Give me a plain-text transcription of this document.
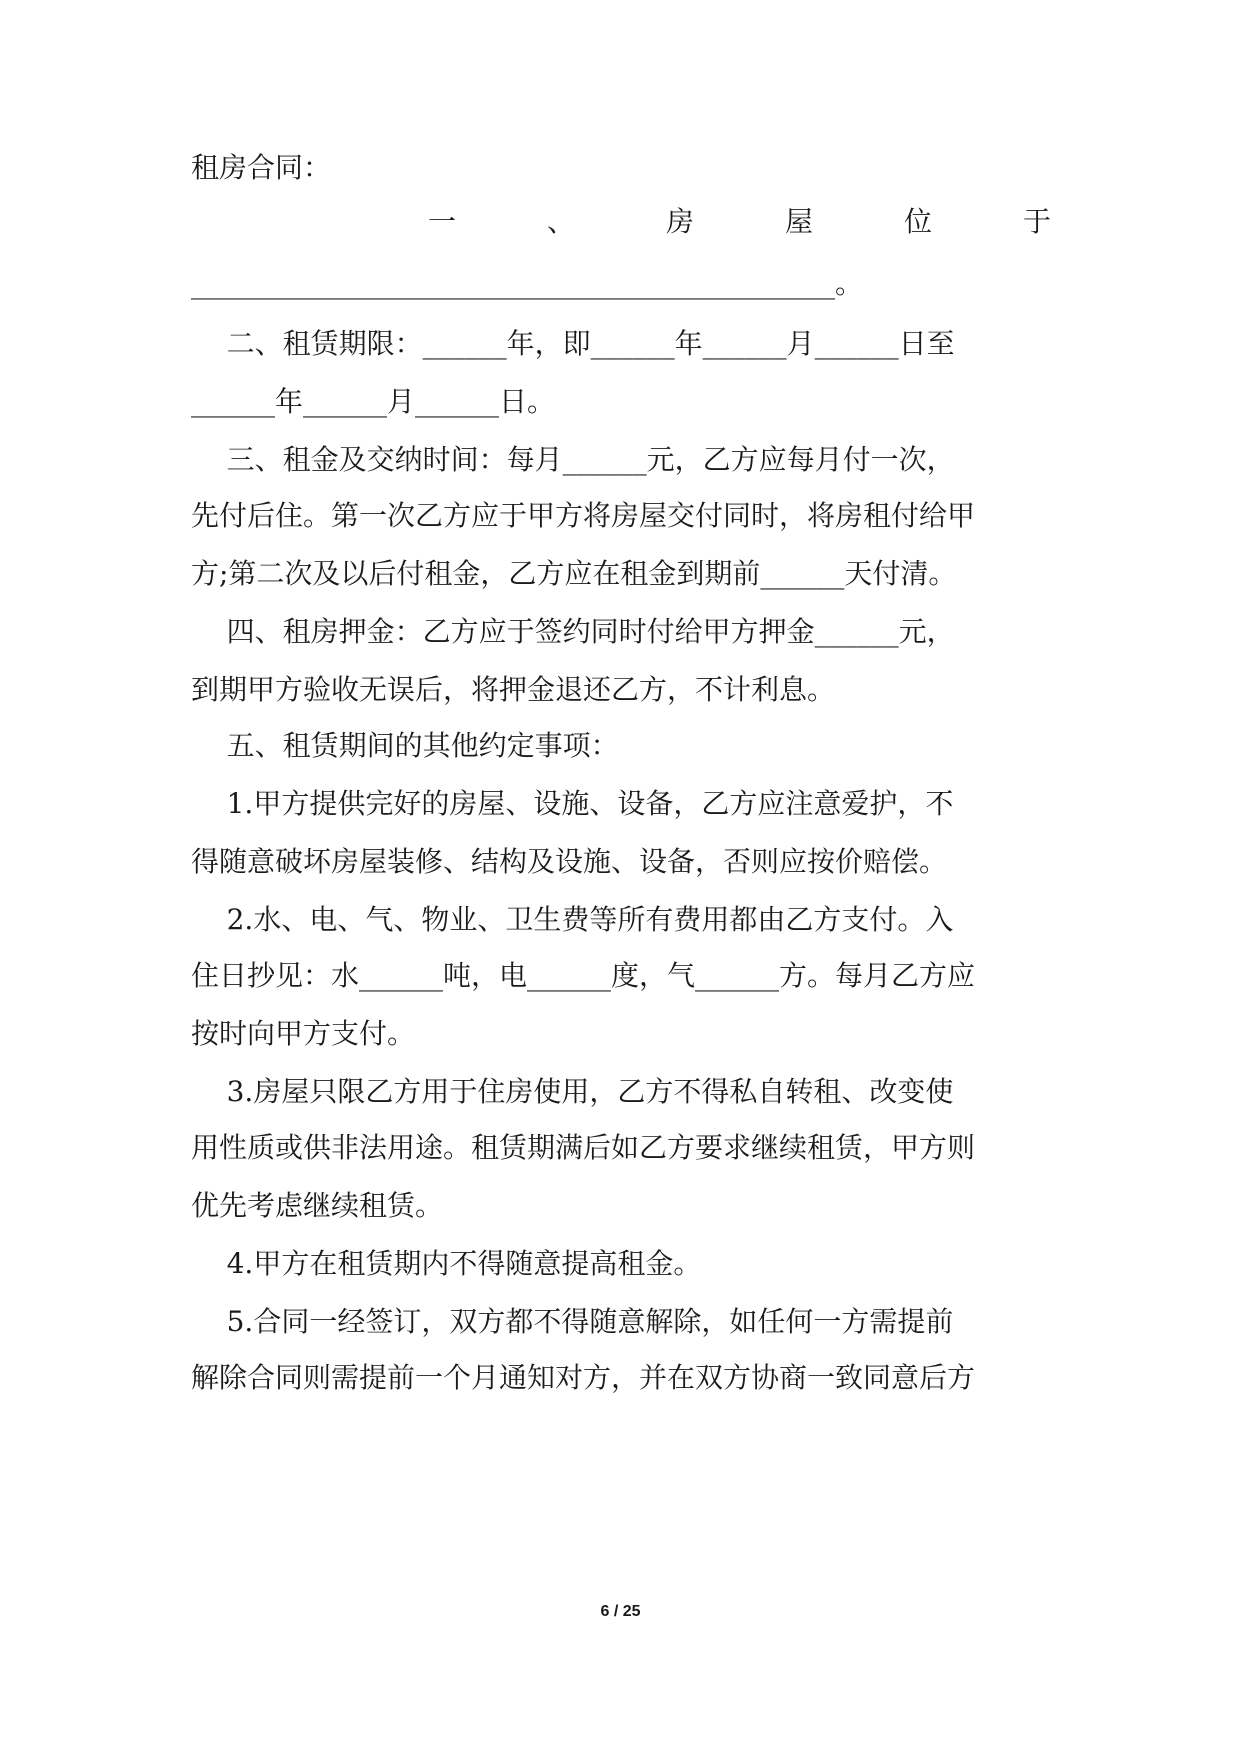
租房合同：
一 、 房 屋 位 于
______________________________________________。
二、租赁期限：______年，即______年______月______日至
______年______月______日。
三、租金及交纳时间：每月______元，乙方应每月付一次，
先付后住。第一次乙方应于甲方将房屋交付同时，将房租付给甲
方;第二次及以后付租金，乙方应在租金到期前______天付清。
四、租房押金：乙方应于签约同时付给甲方押金______元，
到期甲方验收无误后，将押金退还乙方，不计利息。
五、租赁期间的其他约定事项：
1.甲方提供完好的房屋、设施、设备，乙方应注意爱护，不
得随意破坏房屋装修、结构及设施、设备，否则应按价赔偿。
2.水、电、气、物业、卫生费等所有费用都由乙方支付。入
住日抄见：水______吨，电______度，气______方。每月乙方应
按时向甲方支付。
3.房屋只限乙方用于住房使用，乙方不得私自转租、改变使
用性质或供非法用途。租赁期满后如乙方要求继续租赁，甲方则
优先考虑继续租赁。
4.甲方在租赁期内不得随意提高租金。
5.合同一经签订，双方都不得随意解除，如任何一方需提前
解除合同则需提前一个月通知对方，并在双方协商一致同意后方
6 / 25
